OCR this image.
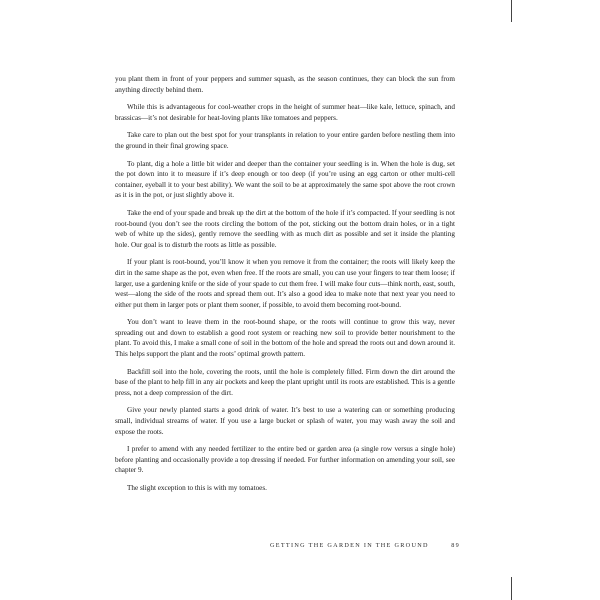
you plant them in front of your peppers and summer squash, as the season continues, they can block the sun from anything directly behind them.

While this is advantageous for cool-weather crops in the height of summer heat—like kale, lettuce, spinach, and brassicas—it’s not desirable for heat-loving plants like tomatoes and peppers.

Take care to plan out the best spot for your transplants in relation to your entire garden before nestling them into the ground in their final growing space.

To plant, dig a hole a little bit wider and deeper than the container your seedling is in. When the hole is dug, set the pot down into it to measure if it’s deep enough or too deep (if you’re using an egg carton or other multi-cell container, eyeball it to your best ability). We want the soil to be at approximately the same spot above the root crown as it is in the pot, or just slightly above it.

Take the end of your spade and break up the dirt at the bottom of the hole if it’s compacted. If your seedling is not root-bound (you don’t see the roots circling the bottom of the pot, sticking out the bottom drain holes, or in a tight web of white up the sides), gently remove the seedling with as much dirt as possible and set it inside the planting hole. Our goal is to disturb the roots as little as possible.

If your plant is root-bound, you’ll know it when you remove it from the container; the roots will likely keep the dirt in the same shape as the pot, even when free. If the roots are small, you can use your fingers to tear them loose; if larger, use a gardening knife or the side of your spade to cut them free. I will make four cuts—think north, east, south, west—along the side of the roots and spread them out. It’s also a good idea to make note that next year you need to either put them in larger pots or plant them sooner, if possible, to avoid them becoming root-bound.

You don’t want to leave them in the root-bound shape, or the roots will continue to grow this way, never spreading out and down to establish a good root system or reaching new soil to provide better nourishment to the plant. To avoid this, I make a small cone of soil in the bottom of the hole and spread the roots out and down around it. This helps support the plant and the roots’ optimal growth pattern.

Backfill soil into the hole, covering the roots, until the hole is completely filled. Firm down the dirt around the base of the plant to help fill in any air pockets and keep the plant upright until its roots are established. This is a gentle press, not a deep compression of the dirt.

Give your newly planted starts a good drink of water. It’s best to use a watering can or something producing small, individual streams of water. If you use a large bucket or splash of water, you may wash away the soil and expose the roots.

I prefer to amend with any needed fertilizer to the entire bed or garden area (a single row versus a single hole) before planting and occasionally provide a top dressing if needed. For further information on amending your soil, see chapter 9.

The slight exception to this is with my tomatoes.

GETTING THE GARDEN IN THE GROUND	89
